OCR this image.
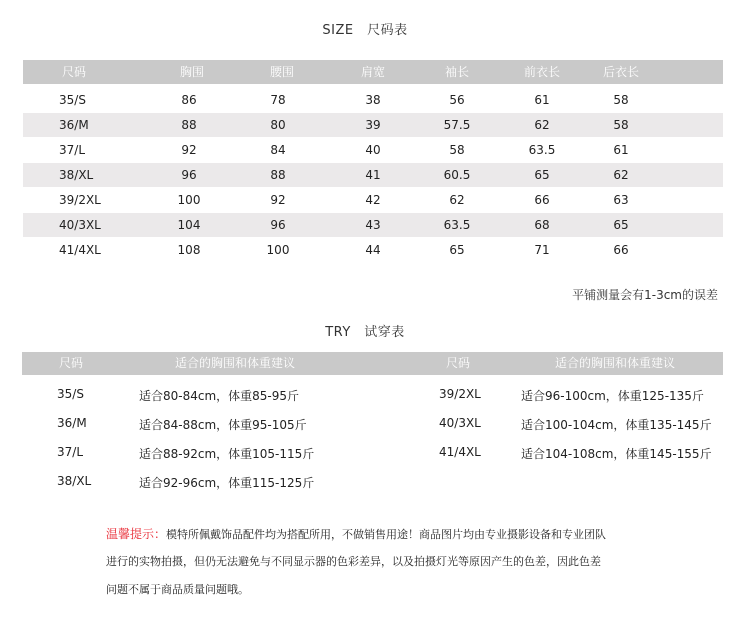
SIZE　尺码表
尺码	胸围	腰围	肩宽	袖长	前衣长	后衣长
35/S	86	78	38	56	61	58
36/M	88	80	39	57.5	62	58
37/L	92	84	40	58	63.5	61
38/XL	96	88	41	60.5	65	62
39/2XL	100	92	42	62	66	63
40/3XL	104	96	43	63.5	68	65
41/4XL	108	100	44	65	71	66
平铺测量会有1-3cm的误差
TRY　试穿表
尺码	适合的胸围和体重建议	尺码	适合的胸围和体重建议
35/S	适合80-84cm，体重85-95斤
36/M	适合84-88cm，体重95-105斤
37/L	适合88-92cm，体重105-115斤
38/XL	适合92-96cm，体重115-125斤
39/2XL	适合96-100cm，体重125-135斤
40/3XL	适合100-104cm，体重135-145斤
41/4XL	适合104-108cm，体重145-155斤
温馨提示：模特所佩戴饰品配件均为搭配所用，不做销售用途！商品图片均由专业摄影设备和专业团队
进行的实物拍摄，但仍无法避免与不同显示器的色彩差异，以及拍摄灯光等原因产生的色差，因此色差
问题不属于商品质量问题哦。
